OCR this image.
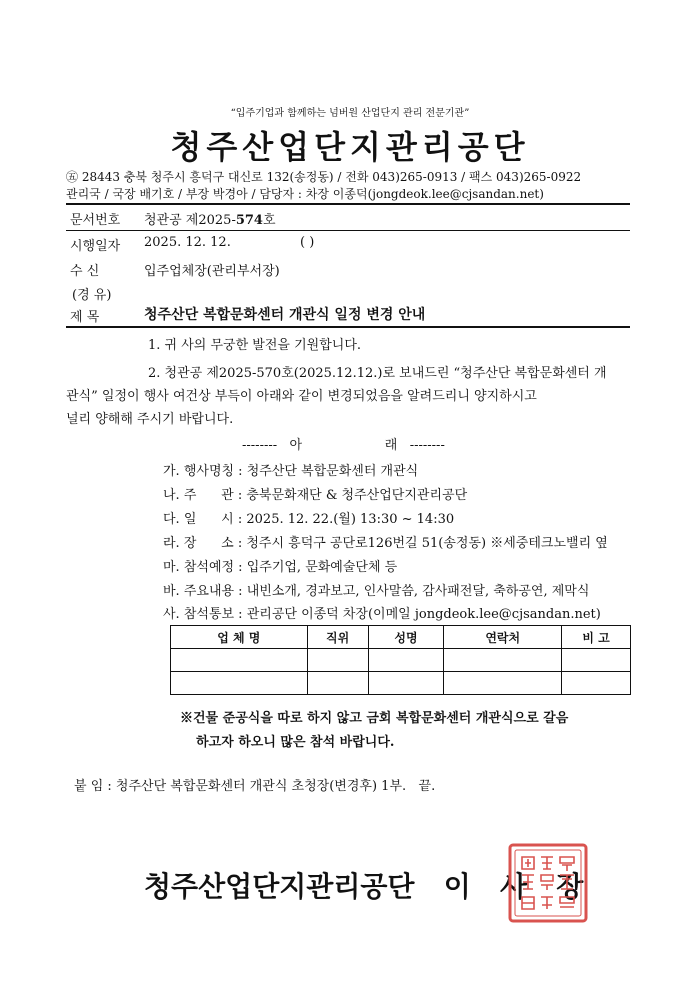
“입주기업과 함께하는 넘버원 산업단지 관리 전문기관”
청주산업단지관리공단
㊄ 28443 충북 청주시 흥덕구 대신로 132(송정동) / 전화 043)265-0913 / 팩스 043)265-0922
관리국 / 국장 배기호 / 부장 박경아 / 담당자 : 차장 이종덕(jongdeok.lee@cjsandan.net)
문서번호 청관공 제2025-574호
시행일자 2025. 12. 12.	( )
수 신	입주업체장(관리부서장)
(경 유)
제 목	청주산단 복합문화센터 개관식 일정 변경 안내
1. 귀 사의 무궁한 발전을 기원합니다.
2. 청관공 제2025-570호(2025.12.12.)로 보내드린 “청주산단 복합문화센터 개
관식” 일정이 행사 여건상 부득이 아래와 같이 변경되었음을 알려드리니 양지하시고
널리 양해해 주시기 바랍니다.
--------   아                    래   --------
가. 행사명칭 : 청주산단 복합문화센터 개관식
나. 주      관 : 충북문화재단 & 청주산업단지관리공단
다. 일      시 : 2025. 12. 22.(월) 13:30 ~ 14:30
라. 장      소 : 청주시 흥덕구 공단로126번길 51(송정동) ※세중테크노밸리 옆
마. 참석예정 : 입주기업, 문화예술단체 등
바. 주요내용 : 내빈소개, 경과보고, 인사말씀, 감사패전달, 축하공연, 제막식
사. 참석통보 : 관리공단 이종덕 차장(이메일 jongdeok.lee@cjsandan.net)
업 체 명	직위	성명	연락처	비 고

※건물 준공식을 따로 하지 않고 금회 복합문화센터 개관식으로 갈음
하고자 하오니 많은 참석 바랍니다.
붙 임 : 청주산단 복합문화센터 개관식 초청장(변경후) 1부.   끝.
청주산업단지관리공단   이   사   장
